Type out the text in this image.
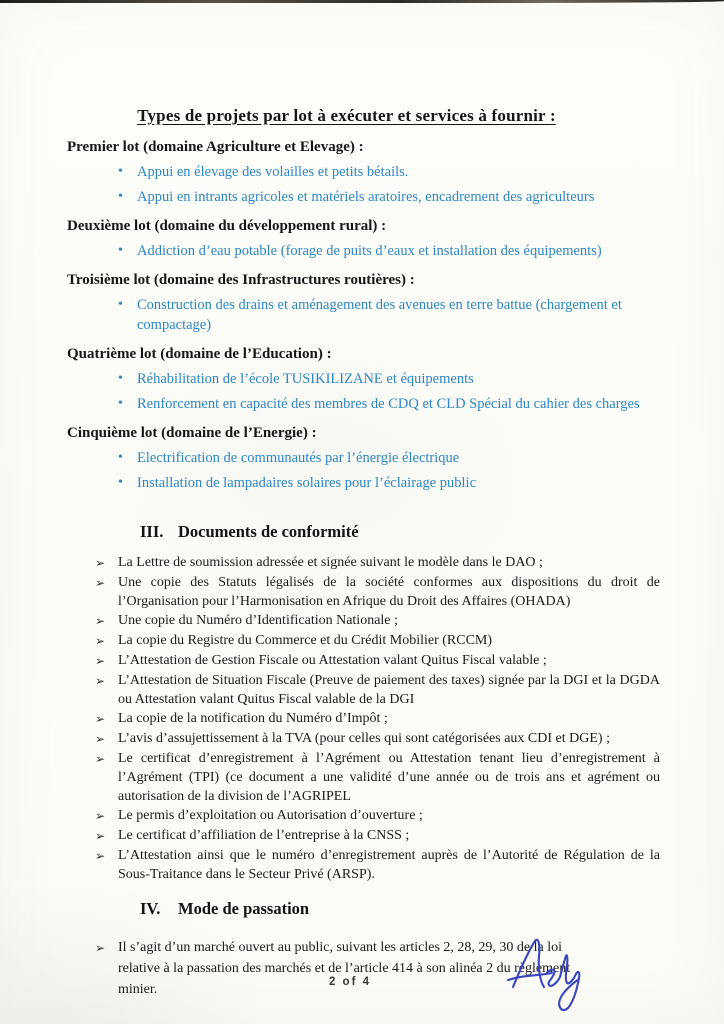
Types de projets par lot à exécuter et services à fournir :
Premier lot (domaine Agriculture et Elevage) :
• Appui en élevage des volailles et petits bétails.
• Appui en intrants agricoles et matériels aratoires, encadrement des agriculteurs
Deuxième lot (domaine du développement rural) :
• Addiction d’eau potable (forage de puits d’eaux et installation des équipements)
Troisième lot (domaine des Infrastructures routières) :
• Construction des drains et aménagement des avenues en terre battue (chargement et compactage)
Quatrième lot (domaine de l’Education) :
• Réhabilitation de l’école TUSIKILIZANE et équipements
• Renforcement en capacité des membres de CDQ et CLD Spécial du cahier des charges
Cinquième lot (domaine de l’Energie) :
• Electrification de communautés par l’énergie électrique
• Installation de lampadaires solaires pour l’éclairage public
III. Documents de conformité
➢ La Lettre de soumission adressée et signée suivant le modèle dans le DAO ;
➢ Une copie des Statuts légalisés de la société conformes aux dispositions du droit de l’Organisation pour l’Harmonisation en Afrique du Droit des Affaires (OHADA)
➢ Une copie du Numéro d’Identification Nationale ;
➢ La copie du Registre du Commerce et du Crédit Mobilier (RCCM)
➢ L’Attestation de Gestion Fiscale ou Attestation valant Quitus Fiscal valable ;
➢ L’Attestation de Situation Fiscale (Preuve de paiement des taxes) signée par la DGI et la DGDA ou Attestation valant Quitus Fiscal valable de la DGI
➢ La copie de la notification du Numéro d’Impôt ;
➢ L’avis d’assujettissement à la TVA (pour celles qui sont catégorisées aux CDI et DGE) ;
➢ Le certificat d’enregistrement à l’Agrément ou Attestation tenant lieu d’enregistrement à l’Agrément (TPI) (ce document a une validité d’une année ou de trois ans et agrément ou autorisation de la division de l’AGRIPEL
➢ Le permis d’exploitation ou Autorisation d’ouverture ;
➢ Le certificat d’affiliation de l’entreprise à la CNSS ;
➢ L’Attestation ainsi que le numéro d’enregistrement auprès de l’Autorité de Régulation de la Sous-Traitance dans le Secteur Privé (ARSP).
IV.	Mode de passation
➢ Il s’agit d’un marché ouvert au public, suivant les articles 2, 28, 29, 30 de la loi relative à la passation des marchés et de l’article 414 à son alinéa 2 du règlement minier.	2 of 4
